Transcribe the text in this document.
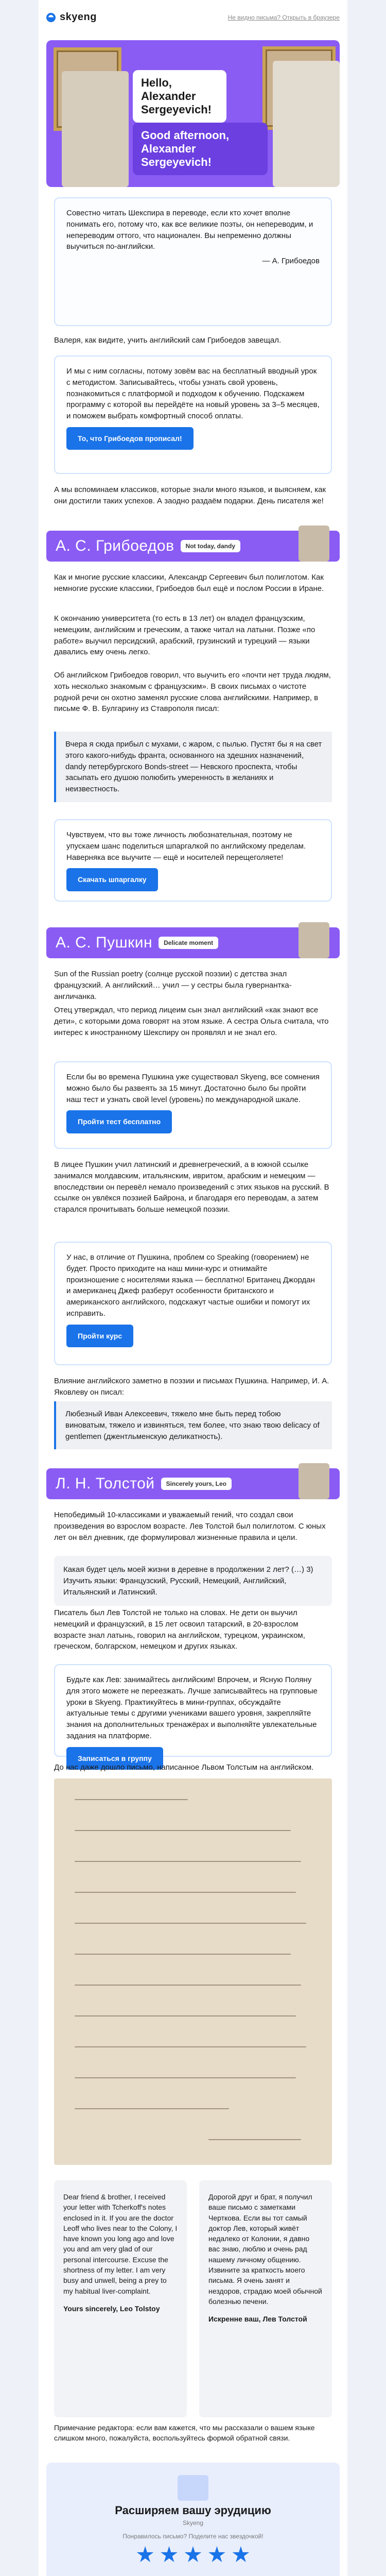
skyeng	Не видно письма? Открыть в браузере
Hello, Alexander Sergeyevich!
Good afternoon, Alexander Sergeyevich!

Совестно читать Шекспира в переводе, если кто хочет вполне понимать его, потому что, как все великие поэты, он непереводим, и непереводим оттого, что национален. Вы непременно должны выучиться по-английски.

— А. Грибоедов

Валеря, как видите, учить английский сам Грибоедов завещал.

И мы с ним согласны, потому зовём вас на бесплатный вводный урок с методистом. Записывайтесь, чтобы узнать свой уровень, познакомиться с платформой и подходом к обучению. Подскажем программу с которой вы перейдёте на новый уровень за 3–5 месяцев, и поможем выбрать комфортный способ оплаты.
То, что Грибоедов прописал!

А мы вспоминаем классиков, которые знали много языков, и выясняем, как они достигли таких успехов. А заодно раздаём подарки. День писателя же!

А. С. Грибоедов	Not today, dandy

Как и многие русские классики, Александр Сергеевич был полиглотом. Как немногие русские классики, Грибоедов был ещё и послом России в Иране.

К окончанию университета (то есть в 13 лет) он владел французским, немецким, английским и греческим, а также читал на латыни. Позже «по работе» выучил персидский, арабский, грузинский и турецкий — языки давались ему очень легко.

Об английском Грибоедов говорил, что выучить его «почти нет труда людям, хоть несколько знакомым с французским». В своих письмах о чистоте родной речи он охотно заменял русские слова английскими. Например, в письме Ф. В. Булгарину из Ставрополя писал:

Вчера я сюда прибыл с мухами, с жаром, с пылью. Пустят бы я на свет этого какого-нибудь франта, основанного на здешних назначений, dandy петербургского Bonds-street — Невского проспекта, чтобы засыпать его душою полюбить умеренность в желаниях и неизвестность.
Чувствуем, что вы тоже личность любознательная, поэтому не упускаем шанс поделиться шпаргалкой по английскому пределам. Наверняка все выучите — ещё и носителей перещеголяете!
Скачать шпаргалку
А. С. Пушкин	Delicate moment

Sun of the Russian poetry (солнце русской поэзии) с детства знал французский. А английский… учил — у сестры была гувернантка-англичанка.

Отец утверждал, что период лицеим сын знал английский «как знают все дети», с которыми дома говорят на этом языке. А сестра Ольга считала, что интерес к иностранному Шекспиру он проявлял и не знал его.

Если бы во времена Пушкина уже существовал Skyeng, все сомнения можно было бы развеять за 15 минут. Достаточно было бы пройти наш тест и узнать свой level (уровень) по международной шкале.
Пройти тест бесплатно

В лицее Пушкин учил латинский и древнегреческий, а в южной ссылке занимался молдавским, итальянским, ивритом, арабским и немецким — впоследствии он перевёл немало произведений с этих языков на русский. В ссылке он увлёкся поэзией Байрона, и благодаря его переводам, а затем старался прочитывать больше немецкой поэзии.

У нас, в отличие от Пушкина, проблем со Speaking (говорением) не будет. Просто приходите на наш мини-курс и отнимайте произношение с носителями языка — бесплатно! Британец Джордан и американец Джеф разберут особенности британского и американского английского, подскажут частые ошибки и помогут их исправить.
Пройти курс

Влияние английского заметно в поэзии и письмах Пушкина. Например, И. А. Яковлеву он писал:

Любезный Иван Алексеевич, тяжело мне быть перед тобою виноватым, тяжело и извиняться, тем более, что знаю твою delicacy of gentlemen (джентльменскую деликатность).
Л. Н. Толстой	Sincerely yours, Leo

Непобедимый 10-классиками и уважаемый гений, что создал свои произведения во взрослом возрасте. Лев Толстой был полиглотом. С юных лет он вёл дневник, где формулировал жизненные правила и цели.

Какая будет цель моей жизни в деревне в продолжении 2 лет? (…) 3) Изучить языки: Французский, Русский, Немецкий, Английский, Итальянский и Латинский.

Писатель был Лев Толстой не только на словах. Не дети он выучил немецкий и французский, в 15 лет освоил татарский, в 20-взрослом возрасте знал латынь, говорил на английском, турецком, украинском, греческом, болгарском, немецком и других языках.

Будьте как Лев: занимайтесь английским! Впрочем, и Ясную Поляну для этого можете не переезжать. Лучше записывайтесь на групповые уроки в Skyeng. Практикуйтесь в мини-группах, обсуждайте актуальные темы с другими учениками вашего уровня, закрепляйте знания на дополнительных тренажёрах и выполняйте увлекательные задания на платформе.
Записаться в группу

До нас даже дошло письмо, написанное Львом Толстым на английском.

Dear friend & brother, I received your letter with Tcherkoff's notes enclosed in it. If you are the doctor Leoff who lives near to the Colony, I have known you long ago and love you and am very glad of our personal intercourse. Excuse the shortness of my letter. I am very busy and unwell, being a prey to my habitual liver-complaint.
Yours sincerely, Leo Tolstoy
Дорогой друг и брат, я получил ваше письмо с заметками Черткова. Если вы тот самый доктор Лев, который живёт недалеко от Колонии, я давно вас знаю, люблю и очень рад нашему личному общению. Извините за краткость моего письма. Я очень занят и нездоров, страдаю моей обычной болезнью печени.
Искренне ваш, Лев Толстой
Примечание редактора: если вам кажется, что мы рассказали о вашем языке слишком много, пожалуйста, воспользуйтесь формой обратной связи.
Расширяем вашу эрудицию
Skyeng
Понравилось письмо? Поделите нас звездочкой!
